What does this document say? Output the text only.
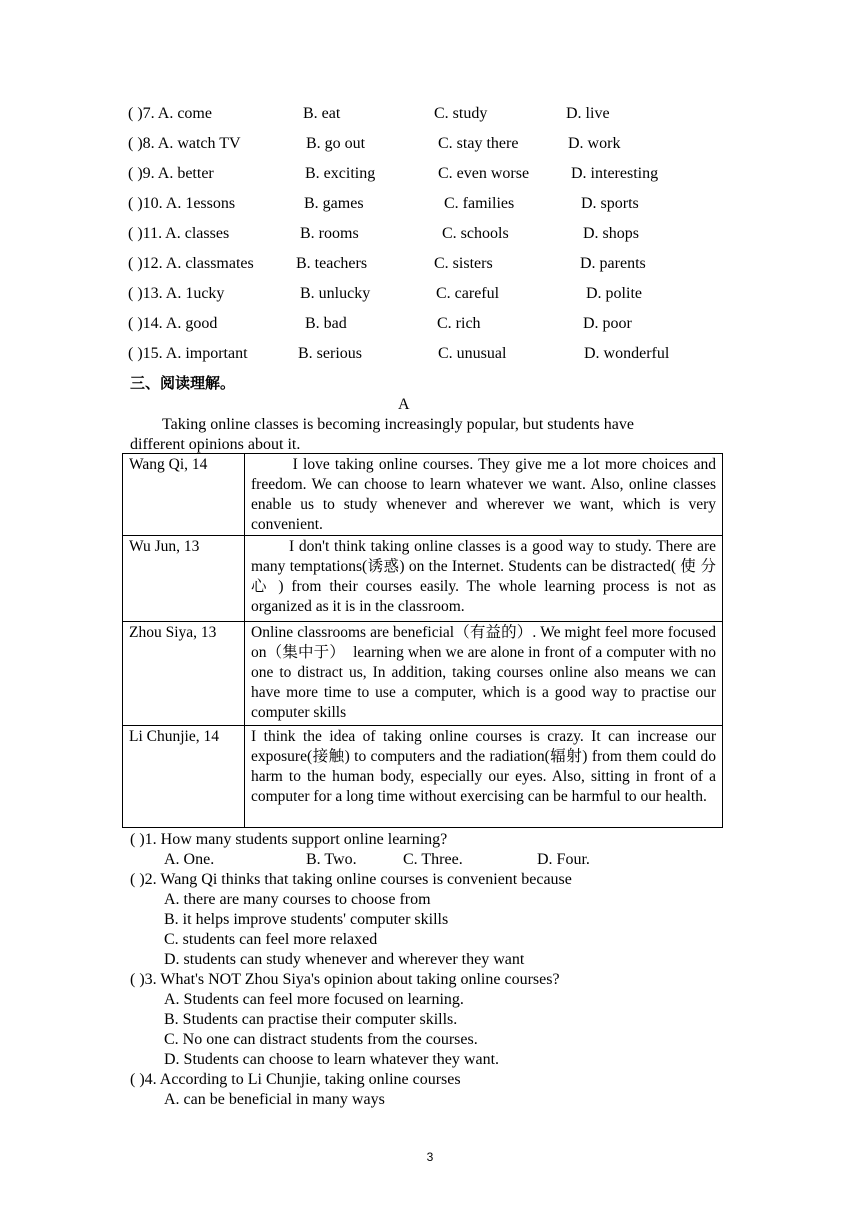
( )7. A. come	B. eat	C. study	D. live
( )8. A. watch TV	B. go out	C. stay there	D. work
( )9. A. better	B. exciting	C. even worse	D. interesting
( )10. A. 1essons	B. games	C. families	D. sports
( )11. A. classes	B. rooms	C. schools	D. shops
( )12. A. classmates	B. teachers	C. sisters	D. parents
( )13. A. 1ucky	B. unlucky	C. careful	D. polite
( )14. A. good	B. bad	C. rich	D. poor
( )15. A. important	B. serious	C. unusual	D. wonderful
三、阅读理解。
A
Taking online classes is becoming increasingly popular, but students have
different opinions about it.
Wang Qi, 14	I love taking online courses. They give me a lot more choices and freedom. We can choose to learn whatever we want. Also, online classes enable us to study whenever and wherever we want, which is very convenient.
Wu Jun, 13	I don't think taking online classes is a good way to study. There are many temptations(诱惑) on the Internet. Students can be distracted( 使 分 心 ) from their courses easily. The whole learning process is not as organized as it is in the classroom.
Zhou Siya, 13	Online classrooms are beneficial（有益的）. We might feel more focused on（集中于）  learning when we are alone in front of a computer with no one to distract us, In addition, taking courses online also means we can have more time to use a computer, which is a good way to practise our computer skills
Li Chunjie, 14	I think the idea of taking online courses is crazy. It can increase our exposure(接触) to computers and the radiation(辐射) from them could do harm to the human body, especially our eyes. Also, sitting in front of a computer for a long time without exercising can be harmful to our health.
( )1. How many students support online learning?
A. One.	B. Two.	C. Three.	D. Four.
( )2. Wang Qi thinks that taking online courses is convenient because
A. there are many courses to choose from
B. it helps improve students' computer skills
C. students can feel more relaxed
D. students can study whenever and wherever they want
( )3. What's NOT Zhou Siya's opinion about taking online courses?
A. Students can feel more focused on learning.
B. Students can practise their computer skills.
C. No one can distract students from the courses.
D. Students can choose to learn whatever they want.
( )4. According to Li Chunjie, taking online courses
A. can be beneficial in many ways
3
